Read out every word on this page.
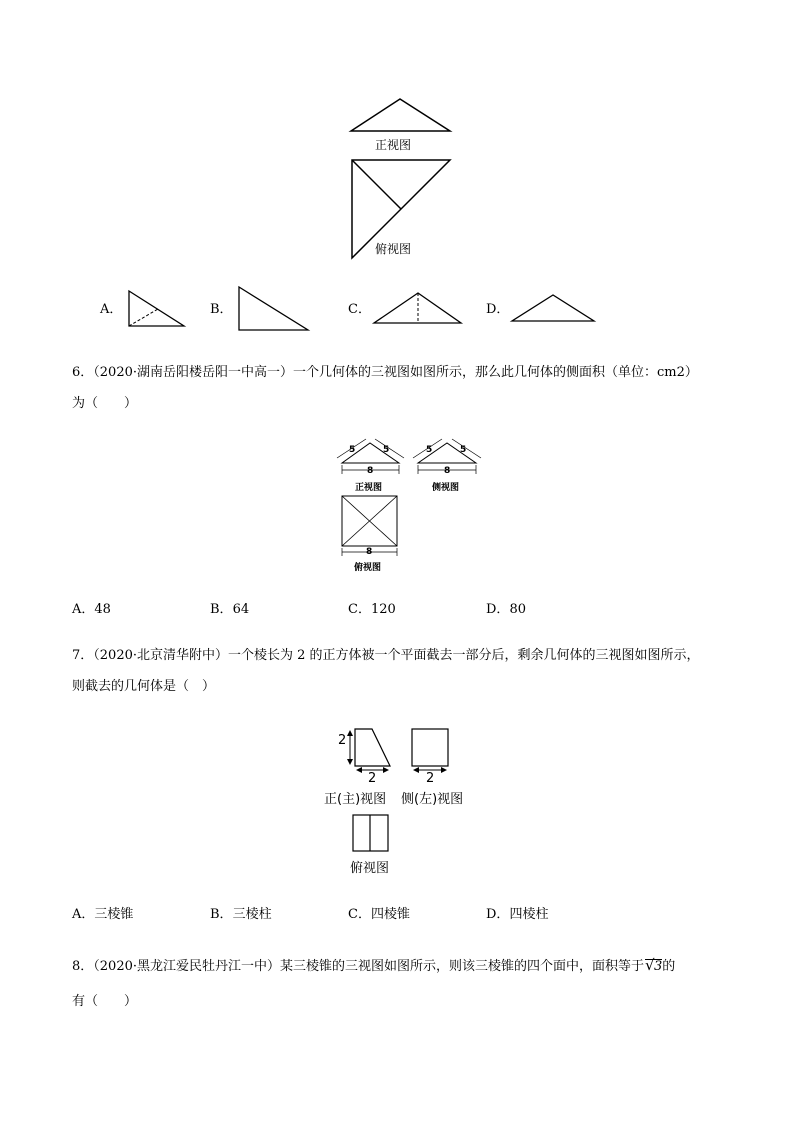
正视图
俯视图
A．	B．	C．	D．
6．（2020·湖南岳阳楼岳阳一中高一）一个几何体的三视图如图所示，那么此几何体的侧面积（单位：cm2）
为（　　）
5	5
8
5	5
8
正视图	侧视图
8
俯视图
A．48	B．64	C．120	D．80
7．（2020·北京清华附中）一个棱长为 2 的正方体被一个平面截去一部分后，剩余几何体的三视图如图所示，
则截去的几何体是（　）
2
2	2
正(主)视图 侧(左)视图
俯视图
A．三棱锥	B．三棱柱	C．四棱锥	D．四棱柱
8．（2020·黑龙江爱民牡丹江一中）某三棱锥的三视图如图所示，则该三棱锥的四个面中，面积等于 √ 3的
有（　　）
